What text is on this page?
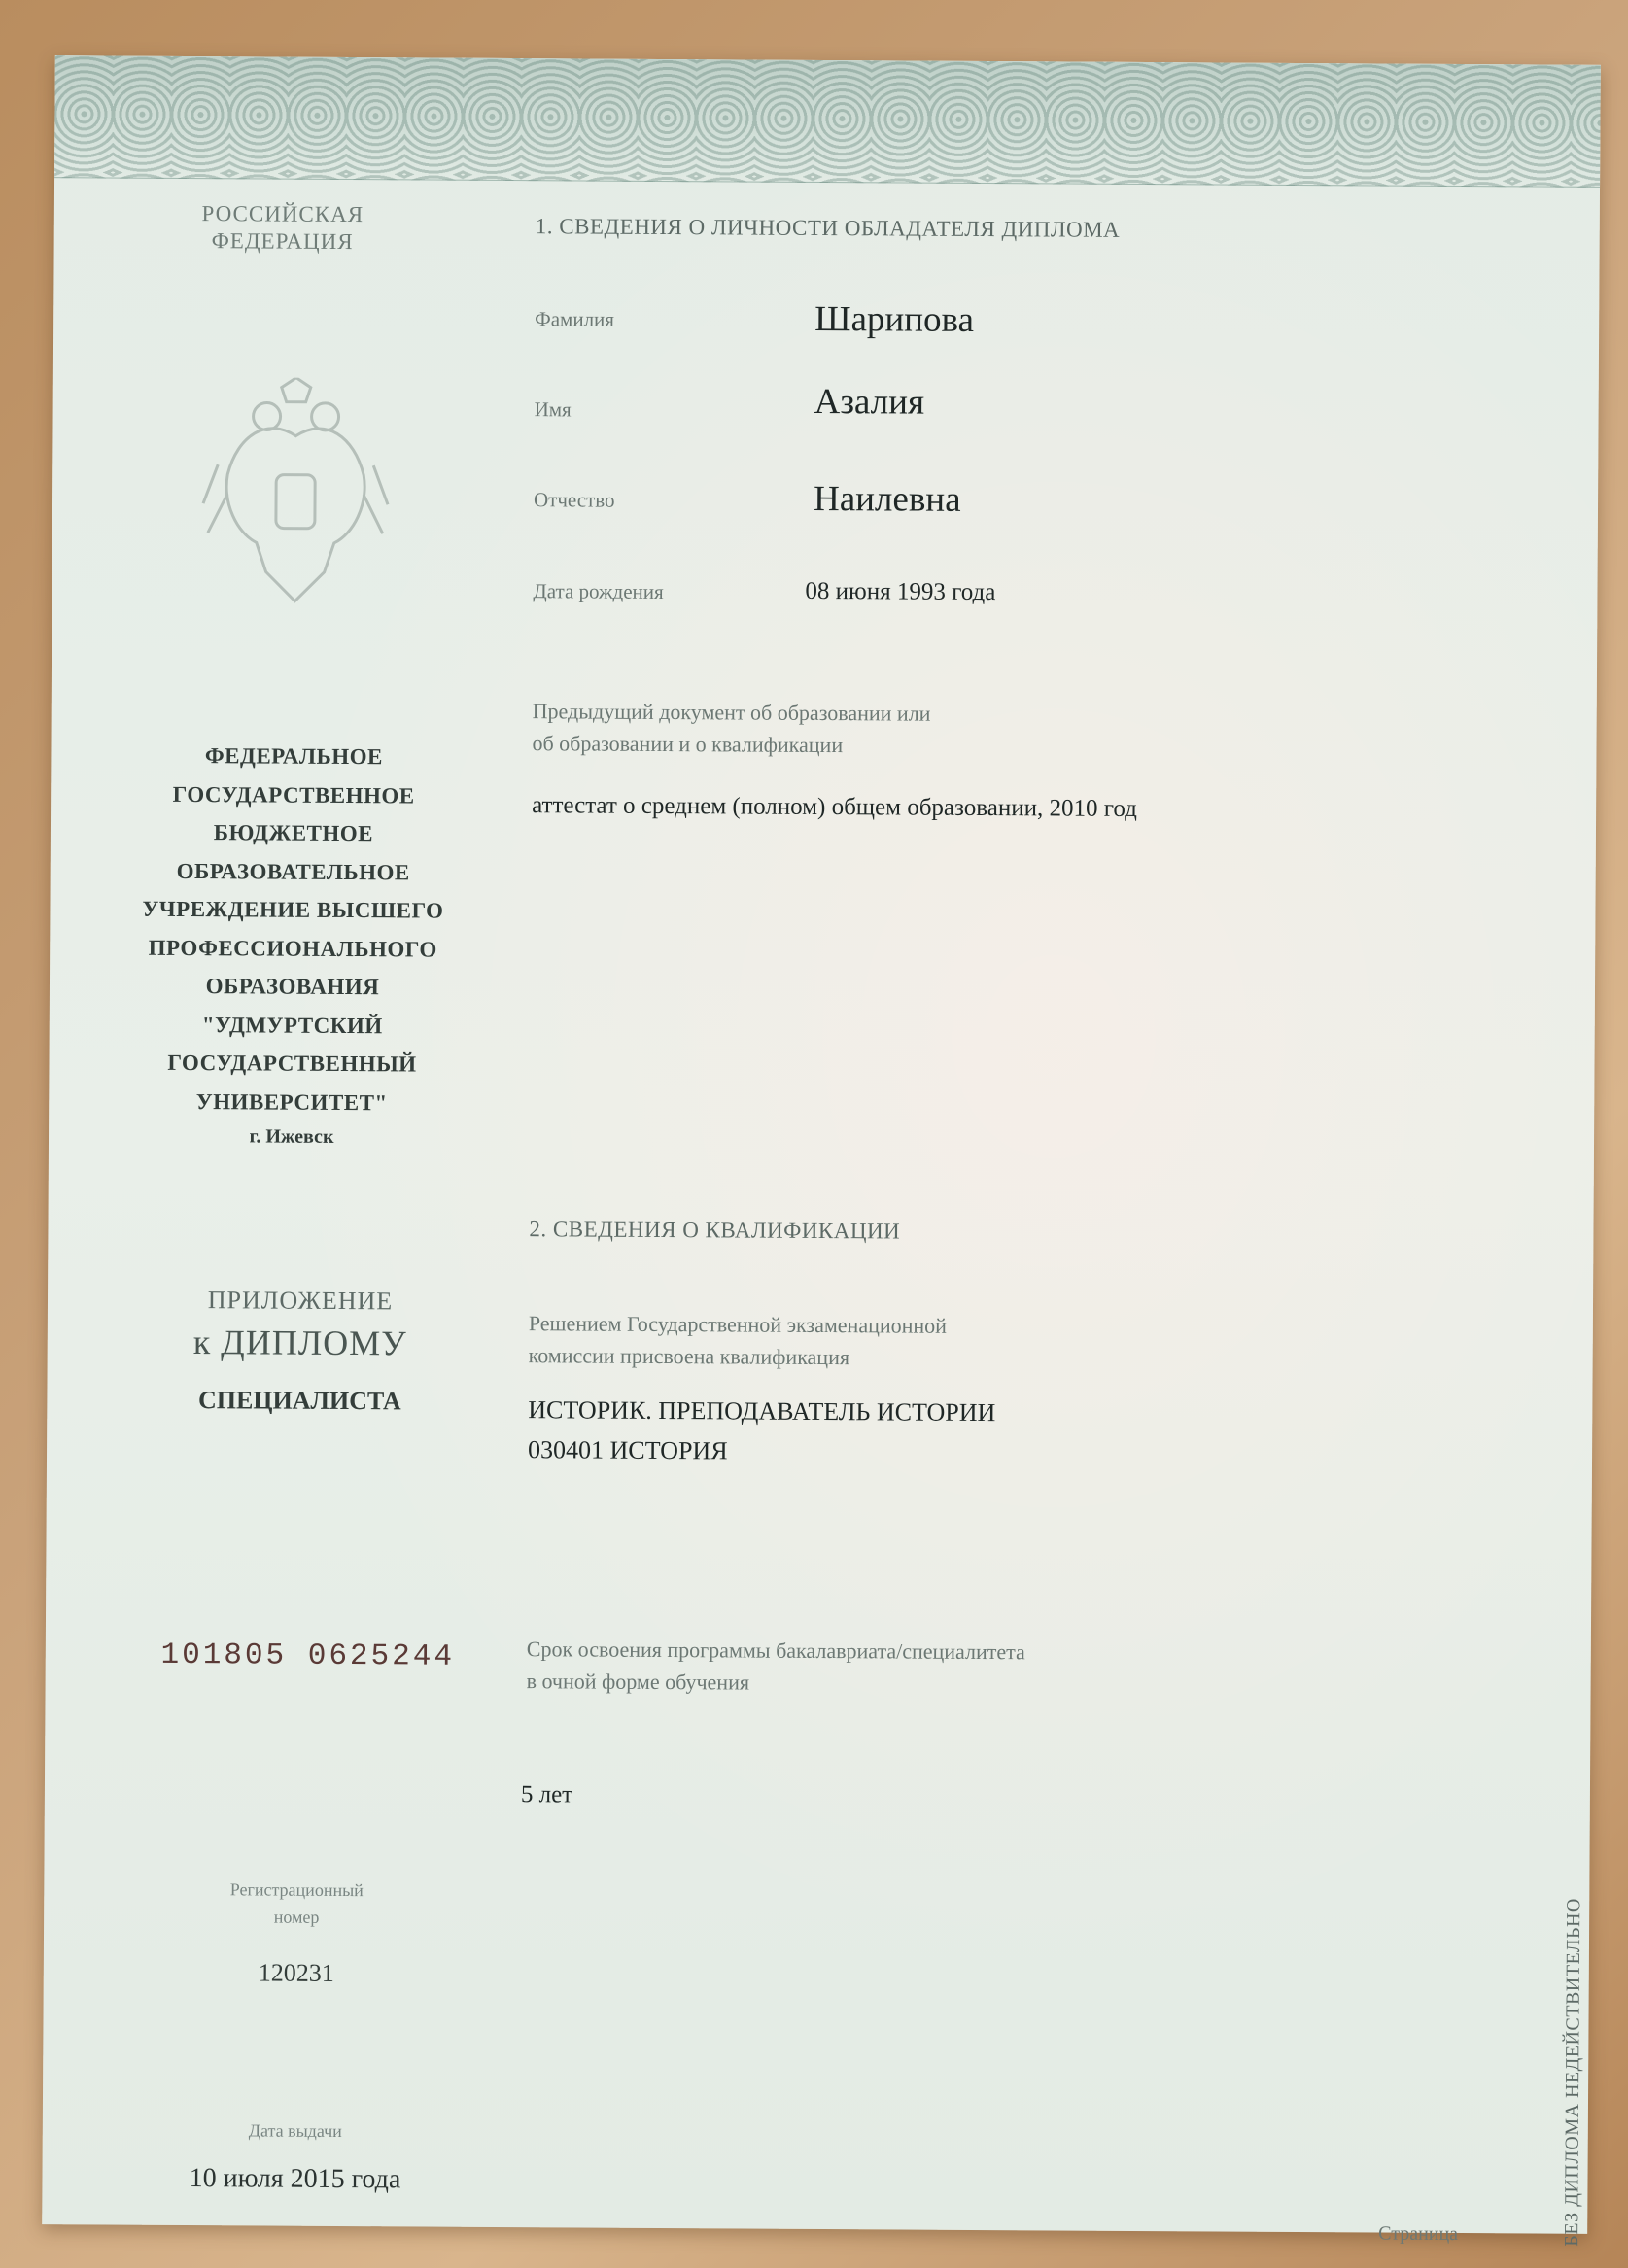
РОССИЙСКАЯ
ФЕДЕРАЦИЯ
ФЕДЕРАЛЬНОЕ
ГОСУДАРСТВЕННОЕ
БЮДЖЕТНОЕ
ОБРАЗОВАТЕЛЬНОЕ
УЧРЕЖДЕНИЕ ВЫСШЕГО
ПРОФЕССИОНАЛЬНОГО
ОБРАЗОВАНИЯ
"УДМУРТСКИЙ
ГОСУДАРСТВЕННЫЙ
УНИВЕРСИТЕТ"
г. Ижевск
ПРИЛОЖЕНИЕ
к ДИПЛОМУ
СПЕЦИАЛИСТА
101805 0625244
Регистрационный
номер
120231
Дата выдачи
10 июля 2015 года
1. СВЕДЕНИЯ О ЛИЧНОСТИ ОБЛАДАТЕЛЯ ДИПЛОМА
Фамилия	Шарипова
Имя	Азалия
Отчество	Наилевна
Дата рождения	08 июня 1993 года
Предыдущий документ об образовании или
об образовании и о квалификации
аттестат о среднем (полном) общем образовании, 2010 год
2. СВЕДЕНИЯ О КВАЛИФИКАЦИИ
Решением Государственной экзаменационной
комиссии присвоена квалификация
ИСТОРИК. ПРЕПОДАВАТЕЛЬ ИСТОРИИ
030401 ИСТОРИЯ
Срок освоения программы бакалавриата/специалитета
в очной форме обучения
5 лет
Страница	БЕЗ ДИПЛОМА НЕДЕЙСТВИТЕЛЬНО
